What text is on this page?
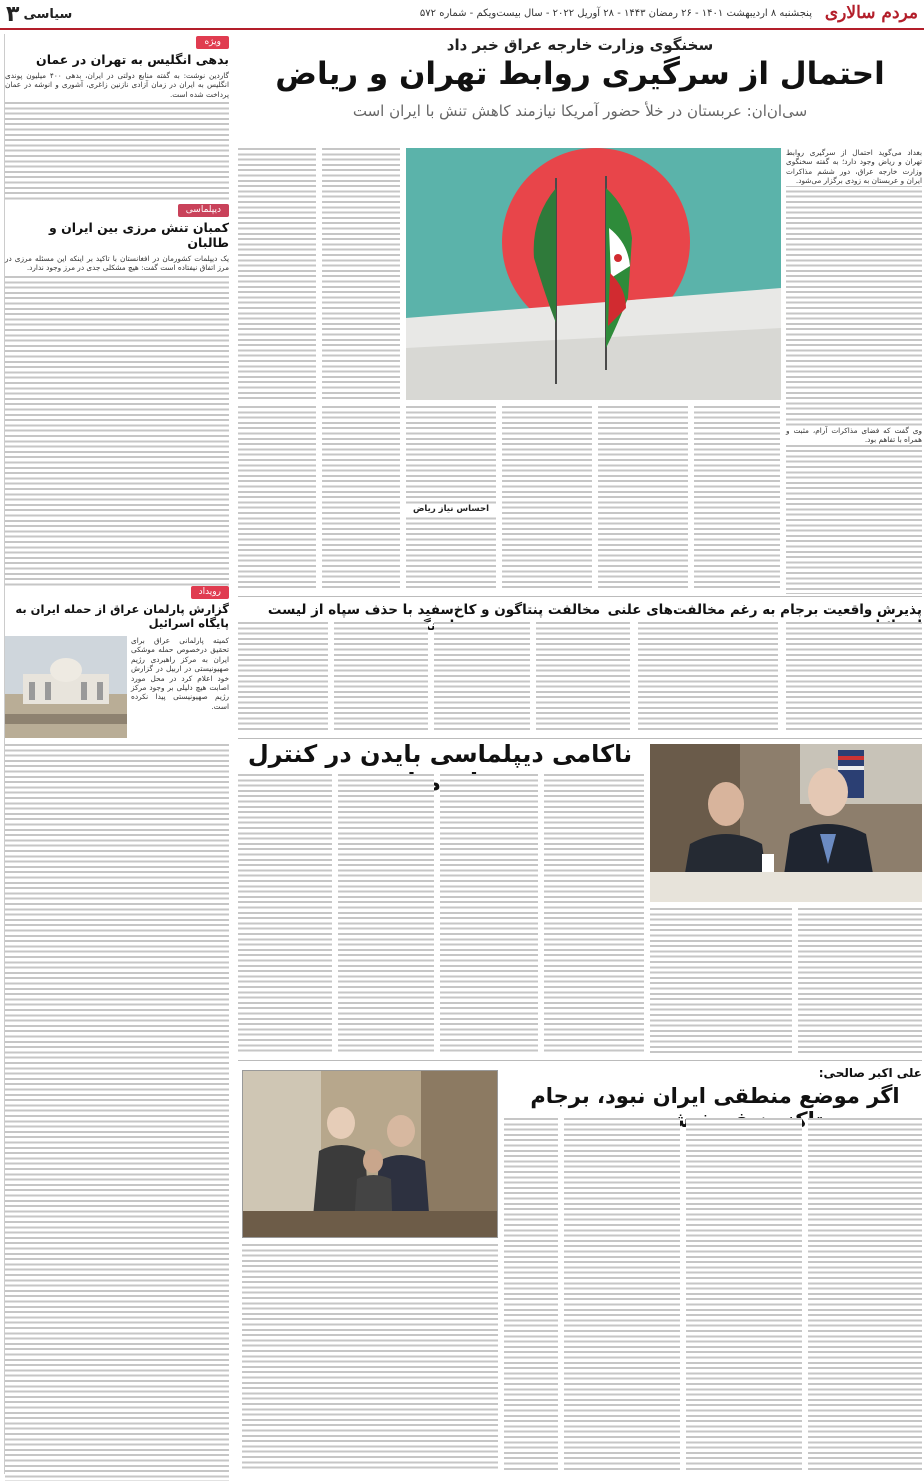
مردم سالاری
پنجشنبه ۸ اردیبهشت ۱۴۰۱ - ۲۶ رمضان ۱۴۴۳ - ۲۸ آوریل ۲۰۲۲ - سال بیست‌ویکم - شماره ۵۷۲
سیاسی
۳
ویژه
بدهی انگلیس به تهران در عمان
گاردین نوشت: به گفته منابع دولتی در ایران، بدهی ۴۰۰ میلیون پوندی انگلیس به ایران در زمان آزادی نازنین زاغری، آشوری و انوشه در عمان پرداخت شده است.
دیپلماسی
کمبان تنش مرزی بین ایران و طالبان
یک دیپلمات کشورمان در افغانستان با تاکید بر اینکه این مسئله مرزی در مرز اتفاق نیفتاده است گفت: هیچ مشکلی جدی در مرز وجود ندارد.
رویداد
گزارش پارلمان عراق از حمله ایران به پایگاه اسرائیل
کمیته پارلمانی عراق برای تحقیق درخصوص حمله موشکی ایران به مرکز راهبردی رژیم صهیونیستی در اربیل در گزارش خود اعلام کرد در محل مورد اصابت هیچ دلیلی بر وجود مرکز رژیم صهیونیستی پیدا نکرده است.
سخنگوی وزارت خارجه عراق خبر داد
احتمال از سرگیری روابط تهران و ریاض
سی‌ان‌ان: عربستان در خلأ حضور آمریکا نیازمند کاهش تنش با ایران است
بغداد می‌گوید احتمال از سرگیری روابط تهران و ریاض وجود دارد؛ به گفته سخنگوی وزارت خارجه عراق، دور ششم مذاکرات ایران و عربستان به زودی برگزار می‌شود.
احساس نیاز ریاض
پذیرش واقعیت برجام به رغم مخالفت‌های علنی
مخالفت پنتاگون و کاخ‌سفید با حذف سپاه از لیست
ناکامی دیپلماسی بایدن در کنترل
علی اکبر صالحی:
اگر موضع منطقی ایران نبود، برجام
وی گفت که فضای مذاکرات آرام، مثبت و همراه با تفاهم بود.
